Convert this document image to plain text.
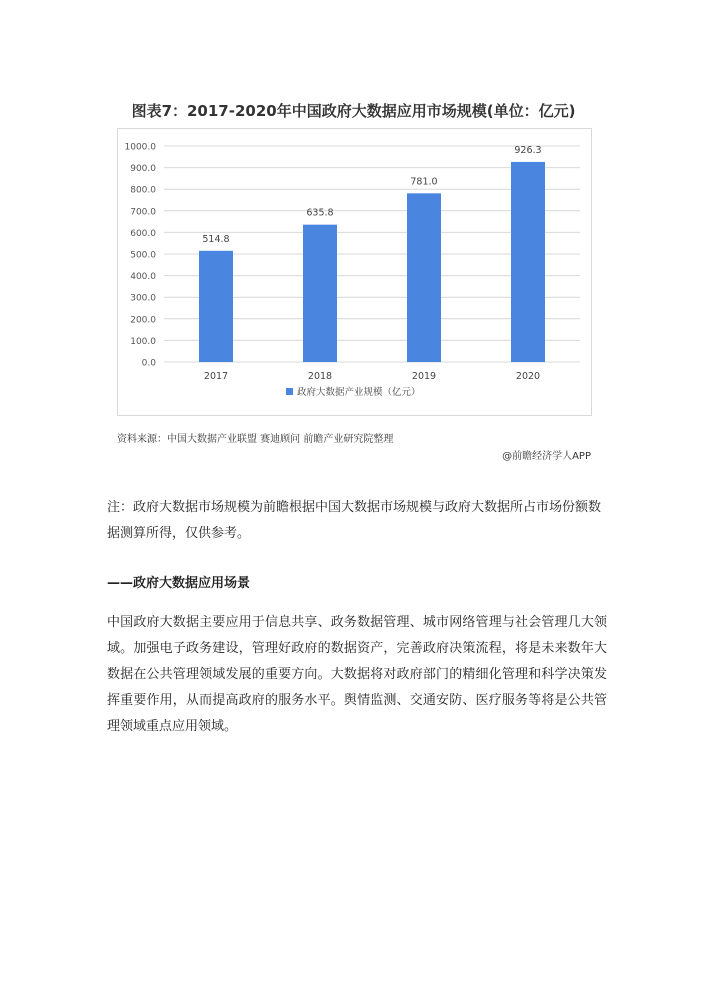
图表7：2017-2020年中国政府大数据应用市场规模(单位：亿元)
0.0
100.0
200.0
300.0
400.0
500.0
600.0
700.0
800.0
900.0
1000.0
514.8
2017
635.8
2018
781.0
2019
926.3
2020
政府大数据产业规模（亿元）
资料来源：中国大数据产业联盟 赛迪顾问 前瞻产业研究院整理
@前瞻经济学人APP
注：政府大数据市场规模为前瞻根据中国大数据市场规模与政府大数据所占市场份额数据测算所得，仅供参考。
——政府大数据应用场景
中国政府大数据主要应用于信息共享、政务数据管理、城市网络管理与社会管理几大领域。加强电子政务建设，管理好政府的数据资产，完善政府决策流程，将是未来数年大数据在公共管理领域发展的重要方向。大数据将对政府部门的精细化管理和科学决策发挥重要作用，从而提高政府的服务水平。舆情监测、交通安防、医疗服务等将是公共管理领域重点应用领域。
